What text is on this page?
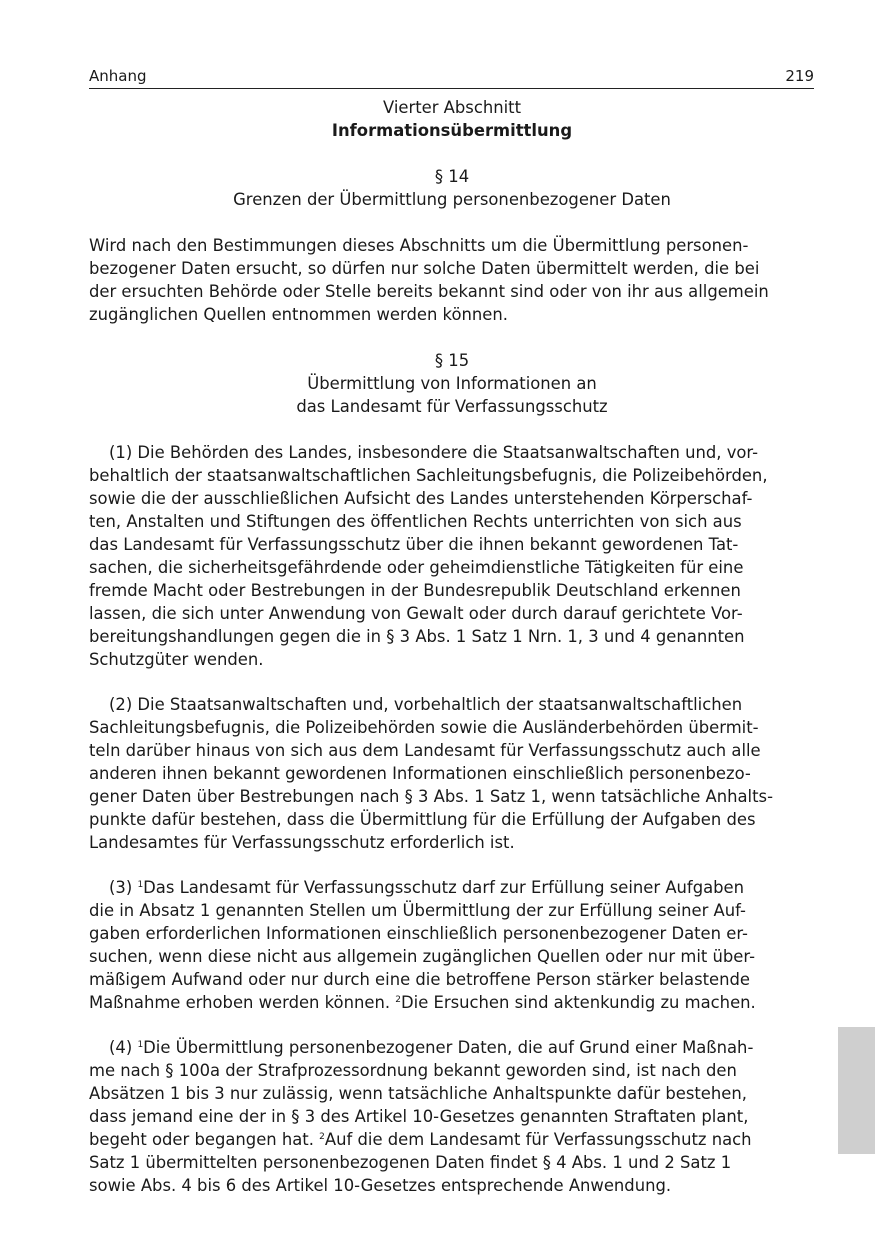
Anhang	219
Vierter Abschnitt
Informationsübermittlung
§ 14
Grenzen der Übermittlung personenbezogener Daten
Wird nach den Bestimmungen dieses Abschnitts um die Übermittlung personen-
bezogener Daten ersucht, so dürfen nur solche Daten übermittelt werden, die bei
der ersuchten Behörde oder Stelle bereits bekannt sind oder von ihr aus allgemein
zugänglichen Quellen entnommen werden können.
§ 15
Übermittlung von Informationen an
das Landesamt für Verfassungsschutz
(1) Die Behörden des Landes, insbesondere die Staatsanwaltschaften und, vor-
behaltlich der staatsanwaltschaftlichen Sachleitungsbefugnis, die Polizeibehörden,
sowie die der ausschließlichen Aufsicht des Landes unterstehenden Körperschaf-
ten, Anstalten und Stiftungen des öffentlichen Rechts unterrichten von sich aus
das Landesamt für Verfassungsschutz über die ihnen bekannt gewordenen Tat-
sachen, die sicherheitsgefährdende oder geheimdienstliche Tätigkeiten für eine
fremde Macht oder Bestrebungen in der Bundesrepublik Deutschland erkennen
lassen, die sich unter Anwendung von Gewalt oder durch darauf gerichtete Vor-
bereitungshandlungen gegen die in § 3 Abs. 1 Satz 1 Nrn. 1, 3 und 4 genannten
Schutzgüter wenden.
(2) Die Staatsanwaltschaften und, vorbehaltlich der staatsanwaltschaftlichen
Sachleitungsbefugnis, die Polizeibehörden sowie die Ausländerbehörden übermit-
teln darüber hinaus von sich aus dem Landesamt für Verfassungsschutz auch alle
anderen ihnen bekannt gewordenen Informationen einschließlich personenbezo-
gener Daten über Bestrebungen nach § 3 Abs. 1 Satz 1, wenn tatsächliche Anhalts-
punkte dafür bestehen, dass die Übermittlung für die Erfüllung der Aufgaben des
Landesamtes für Verfassungsschutz erforderlich ist.
(3) $^1$Das Landesamt für Verfassungsschutz darf zur Erfüllung seiner Aufgaben
die in Absatz 1 genannten Stellen um Übermittlung der zur Erfüllung seiner Auf-
gaben erforderlichen Informationen einschließlich personenbezogener Daten er-
suchen, wenn diese nicht aus allgemein zugänglichen Quellen oder nur mit über-
mäßigem Aufwand oder nur durch eine die betroffene Person stärker belastende
Maßnahme erhoben werden können. $^2$Die Ersuchen sind aktenkundig zu machen.
(4) $^1$Die Übermittlung personenbezogener Daten, die auf Grund einer Maßnah-
me nach § 100a der Strafprozessordnung bekannt geworden sind, ist nach den
Absätzen 1 bis 3 nur zulässig, wenn tatsächliche Anhaltspunkte dafür bestehen,
dass jemand eine der in § 3 des Artikel 10-Gesetzes genannten Straftaten plant,
begeht oder begangen hat. $^2$Auf die dem Landesamt für Verfassungsschutz nach
Satz 1 übermittelten personenbezogenen Daten findet § 4 Abs. 1 und 2 Satz 1
sowie Abs. 4 bis 6 des Artikel 10-Gesetzes entsprechende Anwendung.
